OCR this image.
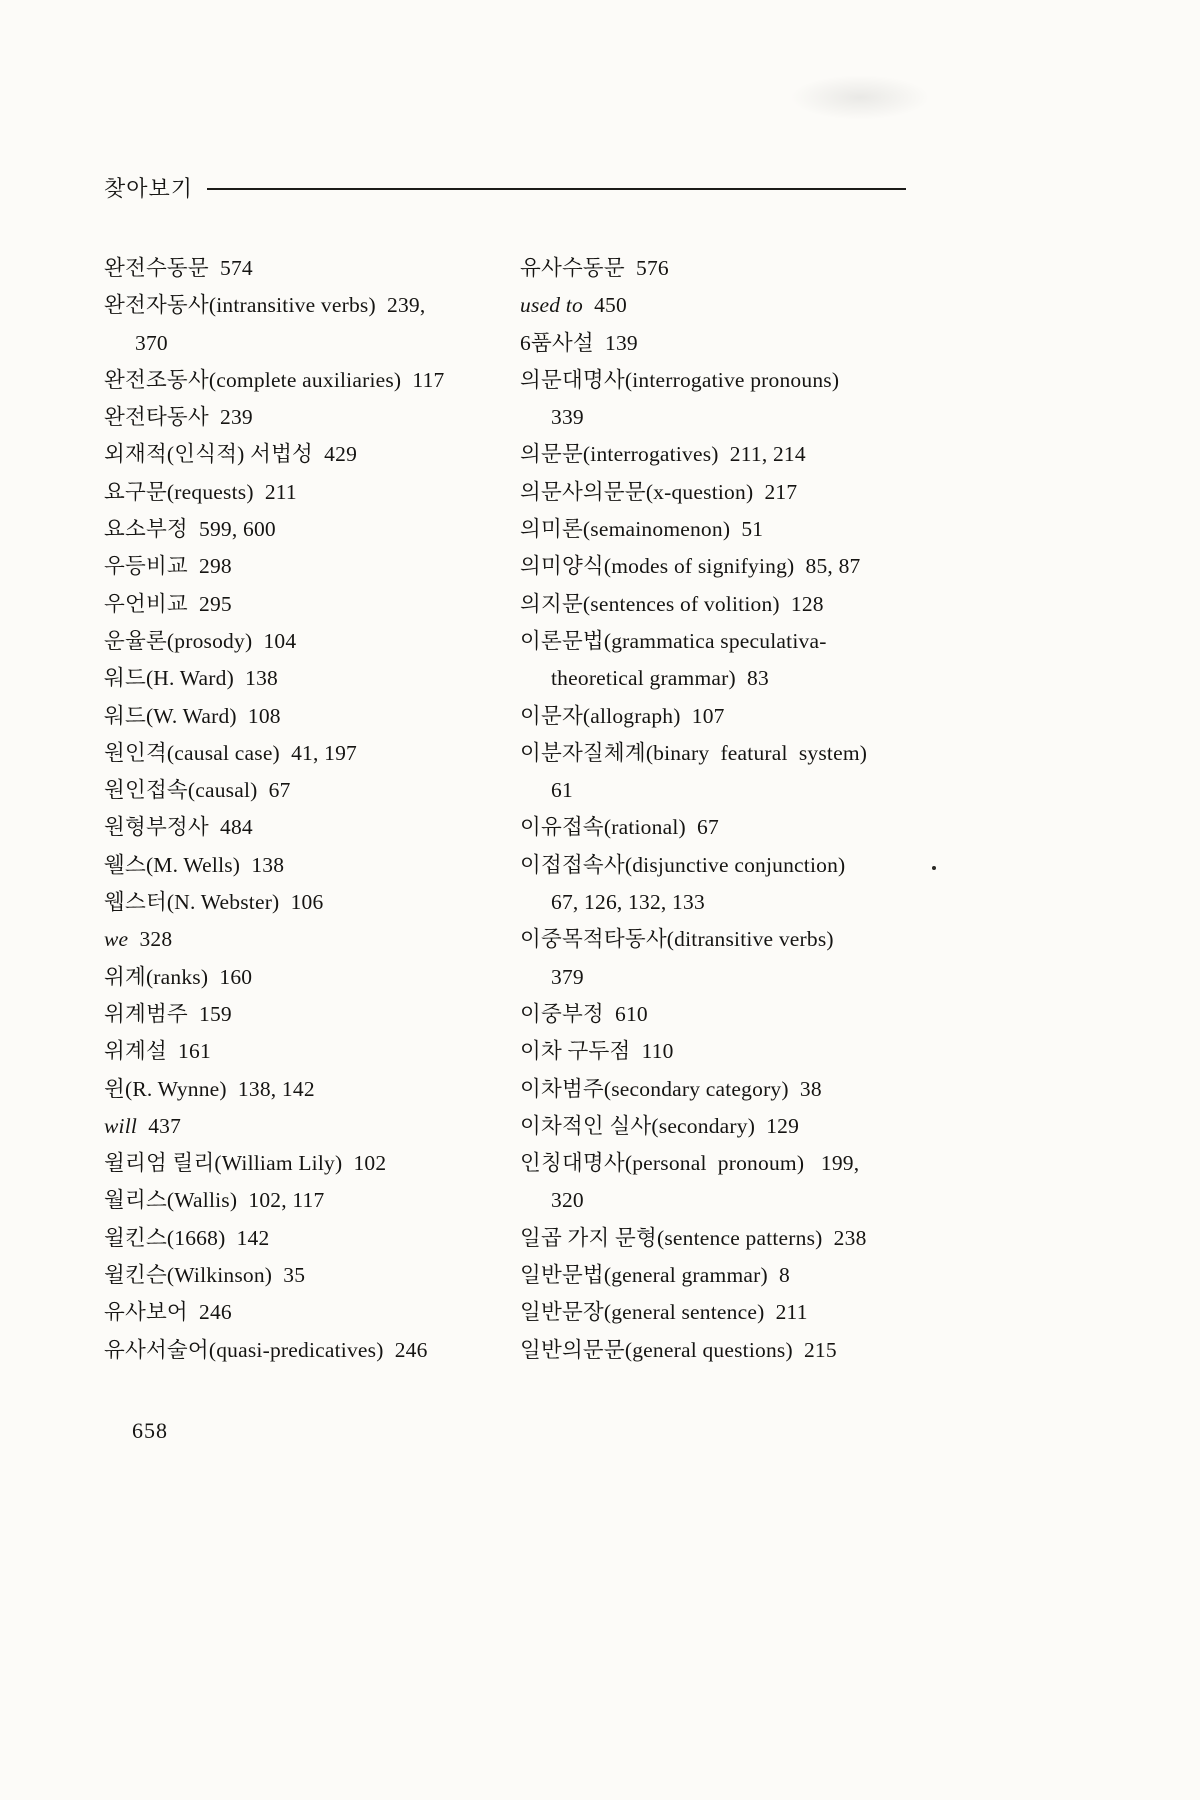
찾아보기
완전수동문  574
완전자동사(intransitive verbs)  239,
370
완전조동사(complete auxiliaries)  117
완전타동사  239
외재적(인식적) 서법성  429
요구문(requests)  211
요소부정  599, 600
우등비교  298
우언비교  295
운율론(prosody)  104
워드(H. Ward)  138
워드(W. Ward)  108
원인격(causal case)  41, 197
원인접속(causal)  67
원형부정사  484
웰스(M. Wells)  138
웹스터(N. Webster)  106
we  328
위계(ranks)  160
위계범주  159
위계설  161
윈(R. Wynne)  138, 142
will  437
윌리엄 릴리(William Lily)  102
월리스(Wallis)  102, 117
윌킨스(1668)  142
윌킨슨(Wilkinson)  35
유사보어  246
유사서술어(quasi-predicatives)  246
유사수동문  576
used to  450
6품사설  139
의문대명사(interrogative pronouns)
339
의문문(interrogatives)  211, 214
의문사의문문(x-question)  217
의미론(semainomenon)  51
의미양식(modes of signifying)  85, 87
의지문(sentences of volition)  128
이론문법(grammatica speculativa-
theoretical grammar)  83
이문자(allograph)  107
이분자질체계(binary  featural  system)
61
이유접속(rational)  67
이접접속사(disjunctive conjunction)
67, 126, 132, 133
이중목적타동사(ditransitive verbs)
379
이중부정  610
이차 구두점  110
이차범주(secondary category)  38
이차적인 실사(secondary)  129
인칭대명사(personal  pronoum)   199,
320
일곱 가지 문형(sentence patterns)  238
일반문법(general grammar)  8
일반문장(general sentence)  211
일반의문문(general questions)  215
658
